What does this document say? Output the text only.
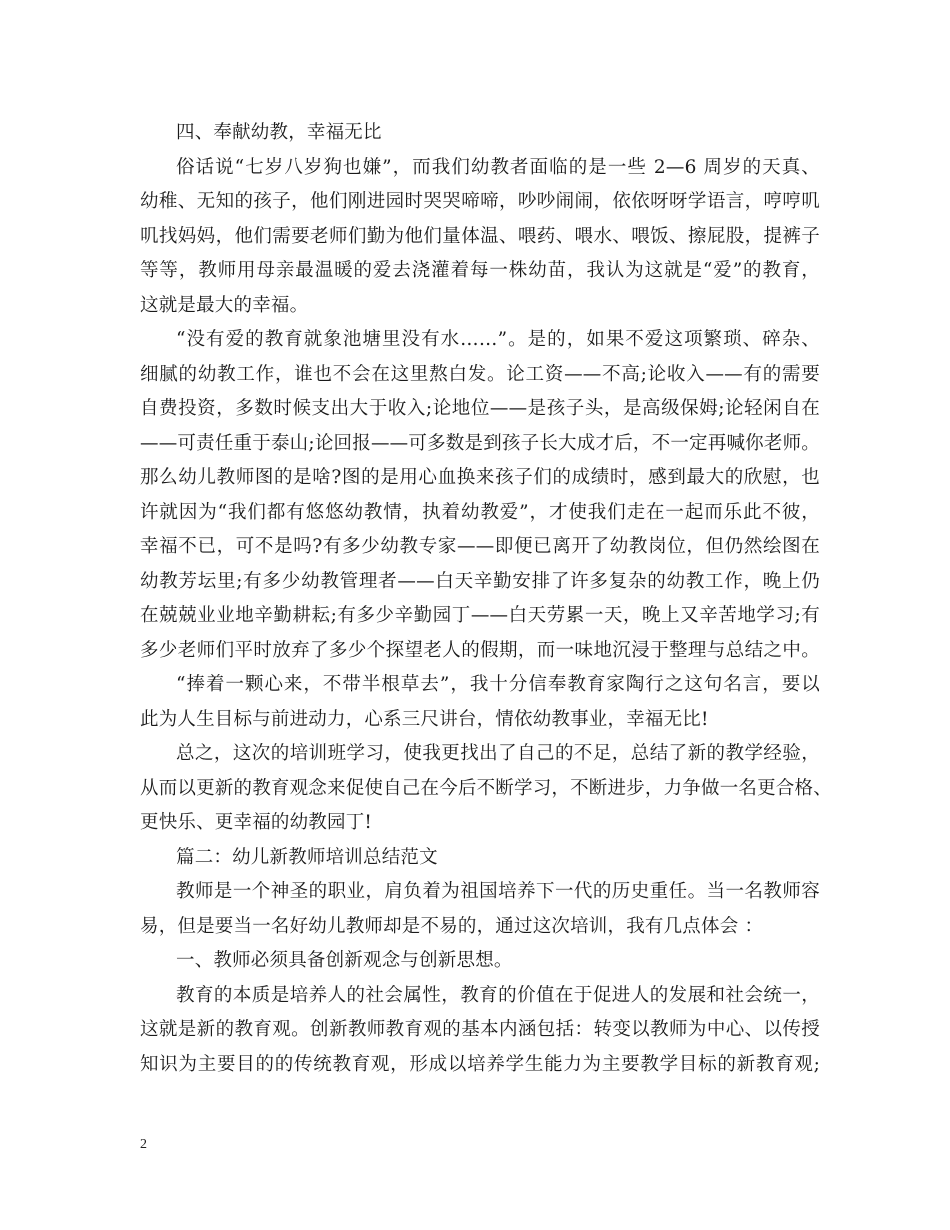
四、奉献幼教，幸福无比
俗话说“七岁八岁狗也嫌”，而我们幼教者面临的是一些 2—6 周岁的天真、
幼稚、无知的孩子，他们刚进园时哭哭啼啼，吵吵闹闹，依依呀呀学语言，哼哼叽
叽找妈妈，他们需要老师们勤为他们量体温、喂药、喂水、喂饭、擦屁股，提裤子
等等，教师用母亲最温暖的爱去浇灌着每一株幼苗，我认为这就是“爱”的教育，
这就是最大的幸福。
“没有爱的教育就象池塘里没有水……”。是的，如果不爱这项繁琐、碎杂、
细腻的幼教工作，谁也不会在这里熬白发。论工资——不高;论收入——有的需要
自费投资，多数时候支出大于收入;论地位——是孩子头，是高级保姆;论轻闲自在
——可责任重于泰山;论回报——可多数是到孩子长大成才后，不一定再喊你老师。
那么幼儿教师图的是啥?图的是用心血换来孩子们的成绩时，感到最大的欣慰，也
许就因为“我们都有悠悠幼教情，执着幼教爱”，才使我们走在一起而乐此不彼，
幸福不已，可不是吗?有多少幼教专家——即便已离开了幼教岗位，但仍然绘图在
幼教芳坛里;有多少幼教管理者——白天辛勤安排了许多复杂的幼教工作，晚上仍
在兢兢业业地辛勤耕耘;有多少辛勤园丁——白天劳累一天，晚上又辛苦地学习;有
多少老师们平时放弃了多少个探望老人的假期，而一味地沉浸于整理与总结之中。
“捧着一颗心来，不带半根草去”，我十分信奉教育家陶行之这句名言，要以
此为人生目标与前进动力，心系三尺讲台，情依幼教事业，幸福无比!
总之，这次的培训班学习，使我更找出了自己的不足，总结了新的教学经验，
从而以更新的教育观念来促使自己在今后不断学习，不断进步，力争做一名更合格、
更快乐、更幸福的幼教园丁!
篇二：幼儿新教师培训总结范文
教师是一个神圣的职业，肩负着为祖国培养下一代的历史重任。当一名教师容
易，但是要当一名好幼儿教师却是不易的，通过这次培训，我有几点体会 ：
一、教师必须具备创新观念与创新思想。
教育的本质是培养人的社会属性，教育的价值在于促进人的发展和社会统一，
这就是新的教育观。创新教师教育观的基本内涵包括：转变以教师为中心、以传授
知识为主要目的的传统教育观，形成以培养学生能力为主要教学目标的新教育观;
2
